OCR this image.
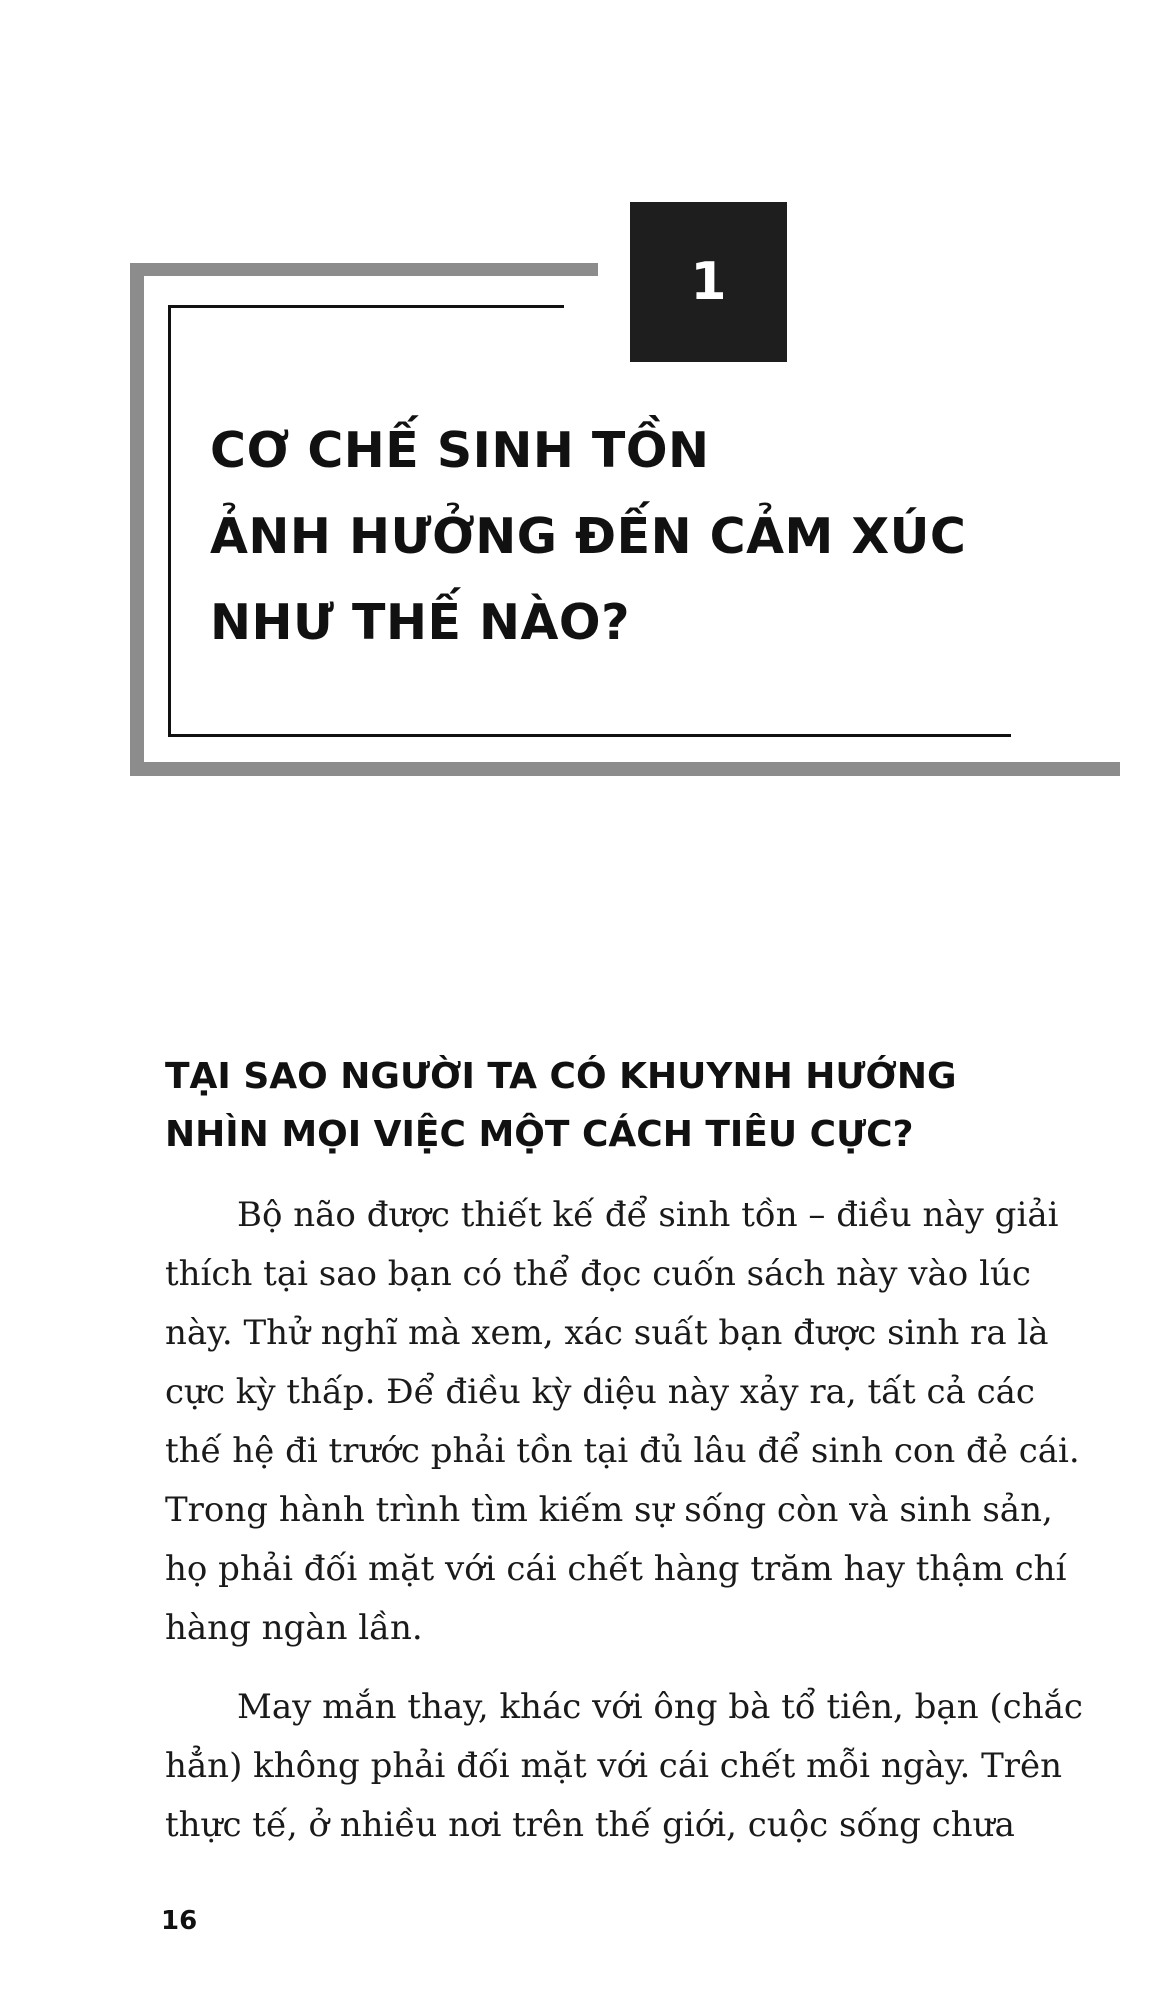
1
CƠ CHẾ SINH TỒN
ẢNH HƯỞNG ĐẾN CẢM XÚC
NHƯ THẾ NÀO?
TẠI SAO NGƯỜI TA CÓ KHUYNH HƯỚNG
NHÌN MỌI VIỆC MỘT CÁCH TIÊU CỰC?
Bộ não được thiết kế để sinh tồn – điều này giải
thích tại sao bạn có thể đọc cuốn sách này vào lúc
này. Thử nghĩ mà xem, xác suất bạn được sinh ra là
cực kỳ thấp. Để điều kỳ diệu này xảy ra, tất cả các
thế hệ đi trước phải tồn tại đủ lâu để sinh con đẻ cái.
Trong hành trình tìm kiếm sự sống còn và sinh sản,
họ phải đối mặt với cái chết hàng trăm hay thậm chí
hàng ngàn lần.
May mắn thay, khác với ông bà tổ tiên, bạn (chắc
hẳn) không phải đối mặt với cái chết mỗi ngày. Trên
thực tế, ở nhiều nơi trên thế giới, cuộc sống chưa
16
